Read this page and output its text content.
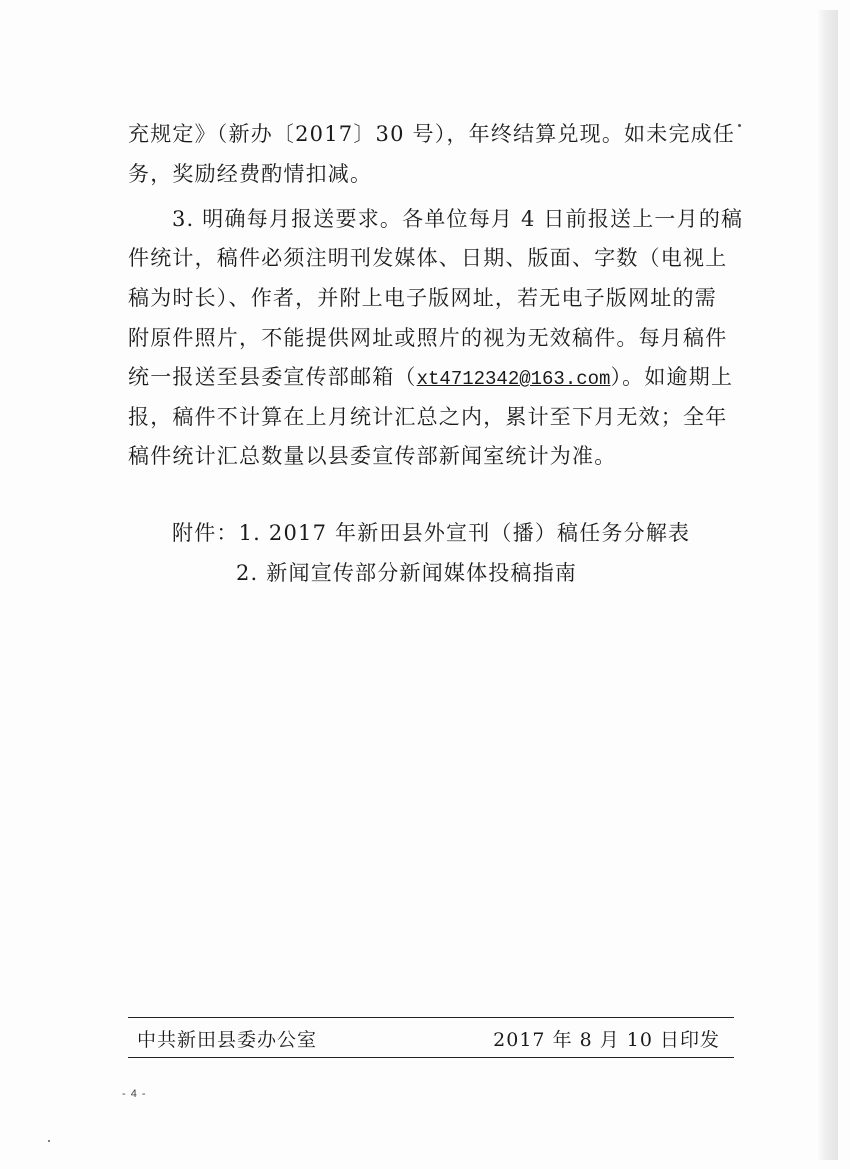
充规定》（新办〔2017〕30 号），年终结算兑现。如未完成任

务，奖励经费酌情扣减。

3. 明确每月报送要求。各单位每月 4 日前报送上一月的稿

件统计，稿件必须注明刊发媒体、日期、版面、字数（电视上

稿为时长）、作者，并附上电子版网址，若无电子版网址的需

附原件照片，不能提供网址或照片的视为无效稿件。每月稿件

统一报送至县委宣传部邮箱（xt4712342@163.com）。如逾期上

报，稿件不计算在上月统计汇总之内，累计至下月无效；全年

稿件统计汇总数量以县委宣传部新闻室统计为准。

附件：1. 2017 年新田县外宣刊（播）稿任务分解表

2. 新闻宣传部分新闻媒体投稿指南

中共新田县委办公室	2017 年 8 月 10 日印发
- 4 -
